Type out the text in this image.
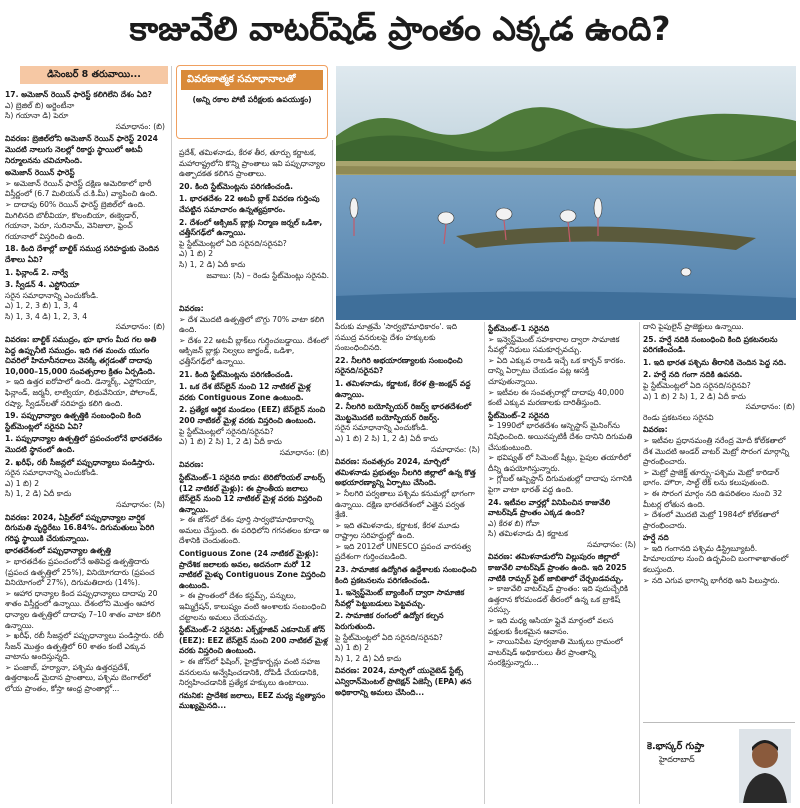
కాజువేలి వాటర్‌షెడ్ ప్రాంతం ఎక్కడ ఉంది?
డిసెంబర్ 8 తరువాయి...	వివరణాత్మక సమాధానాలతో
(అన్ని రకాల పోటీ పరీక్షలకు ఉపయుక్తం)

17. అమెజాన్ రెయిన్ ఫారెస్ట్ కలిగిలేని దేశం ఏది?

ఎ) బ్రెజిల్ బి) అర్జెంటీనా

సి) గయానా డి) పెరూ

సమాధానం: (బి)

వివరణ: బ్రెజిల్‌లోని అమెజాన్ రెయిన్ ఫారెస్ట్ 2024 మొదటి నాలుగు నెలల్లో రికార్డు స్థాయిలో అటవీ నిర్మూలనను చవిచూసింది.

అమెజాన్ రెయిన్ ఫారెస్ట్

➢ అమెజాన్ రెయిన్ ఫారెస్ట్ దక్షిణ అమెరికాలో భారీ విస్తీర్ణంలో (6.7 మిలియన్ చ.కి.మీ) వ్యాపించి ఉంది.

➢ దాదాపు 60% రెయిన్ ఫారెస్ట్ బ్రెజిల్‌లో ఉంది. మిగిలినది బొలీవియా, కొలంబియా, ఈక్వెడార్, గయానా, పెరూ, సురినామ్, వెనిజులా, ఫ్రెంచ్ గయానాలో విస్తరించి ఉంది.

18. కింది దేశాల్లో బాల్టిక్ సముద్ర సరిహద్దుకు చెందిన దేశాలు ఏవి?

1. ఫిన్లాండ్ 2. నార్వే

3. స్వీడన్ 4. ఎస్టోనియా

సరైన సమాధానాన్ని ఎంచుకోండి.

ఎ) 1, 2, 3 బి) 1, 3, 4

సి) 1, 3, 4 డి) 1, 2, 3, 4

సమాధానం: (బి)

వివరణ: బాల్టిక్ సముద్రం, భూ భాగం మీద గల అతి పెద్ద ఉప్పునీటి సముద్రం. ఇది గత మంచు యుగం చివరిలో హిమానీనదాలు వెనక్కి తగ్గడంతో దాదాపు 10,000–15,000 సంవత్సరాల క్రితం ఏర్పడింది.

➢ ఇది ఉత్తర ఐరోపాలో ఉంది. డెన్మార్క్, ఎస్టోనియా, ఫిన్లాండ్, జర్మనీ, లాట్వియా, లిథువేనియా, పోలాండ్, రష్యా, స్వీడన్‌లతో సరిహద్దు కలిగి ఉంది.

19. పప్పుధాన్యాల ఉత్పత్తికి సంబంధించి కింది స్టేట్‌మెంట్లలో సరైనవి ఏవి?

1. పప్పుధాన్యాల ఉత్పత్తిలో ప్రపంచంలోనే భారతదేశం మొదటి స్థానంలో ఉంది.

2. ఖరీఫ్, రబీ సీజన్లలో పప్పుధాన్యాలు పండిస్తారు.

సరైన సమాధానాన్ని ఎంచుకోండి.

ఎ) 1 బి) 2

సి) 1, 2 డి) ఏదీ కాదు

సమాధానం: (సి)

వివరణ: 2024, ఏప్రిల్‌లో పప్పుధాన్యాల వార్షిక దిగుమతి వృద్ధిరేటు 16.84%. దిగుమతులు పెరిగి గరిష్ఠ స్థాయికి చేరుకున్నాయి.

భారతదేశంలో పప్పుధాన్యాల ఉత్పత్తి

➢ భారతదేశం ప్రపంచంలోనే అతిపెద్ద ఉత్పత్తిదారు (ప్రపంచ ఉత్పత్తిలో 25%), వినియోగదారు (ప్రపంచ వినియోగంలో 27%), దిగుమతిదారు (14%).

➢ ఆహార ధాన్యాల కింద పప్పుధాన్యాలు దాదాపు 20 శాతం విస్తీర్ణంలో ఉన్నాయి. దేశంలోని మొత్తం ఆహార ధాన్యాల ఉత్పత్తిలో దాదాపు 7–10 శాతం వాటా కలిగి ఉన్నాయి.

➢ ఖరీఫ్, రబీ సీజన్లలో పప్పుధాన్యాలు పండిస్తారు. రబీ సీజన్ మొత్తం ఉత్పత్తిలో 60 శాతం కంటే ఎక్కువ వాటాను అందిస్తున్నది.

➢ పంజాబ్, హర్యానా, పశ్చిమ ఉత్తరప్రదేశ్, ఉత్తరాఖండ్ మైదాన ప్రాంతాలు, పశ్చిమ బెంగాల్‌లో లోయ ప్రాంతం, కోస్తా ఆంధ్ర ప్రాంతాల్లో...

ప్రదేశ్, తమిళనాడు, కేరళ తీర, తూర్పు కర్ణాటక, మహారాష్ట్రలోని కొన్ని ప్రాంతాలు ఇవి పప్పుధాన్యాల ఉత్పాదకత కలిగిన ప్రాంతాలు.

20. కింది స్టేట్‌మెంట్లను పరిగణించండి.

1. భారతదేశం 22 అటవీ బ్లాక్ వివరణ గుర్తింపు చేపట్టిన సమాచారం ఉన్నత్యప్రకారం.

2. దేశంలో ఆక్సిజన్ బ్లాక్లు నిర్మాణ జర్నల్ ఒడిశా, చత్తీస్‌గఢ్‌లో ఉన్నాయి.

పై స్టేట్‌మెంట్లలో ఏది సరైనది/సరైనవి?

ఎ) 1 బి) 2

సి) 1, 2 డి) ఏదీ కాదు

జవాబు: (సి) – రెండు స్టేట్‌మెంట్లు సరైనవి.

వివరణ:

➢ దేశ మొదటి ఉత్పత్తిలో బొగ్గు 70% వాటా కలిగి ఉంది.

➢ దేశం 22 అటవీ బ్లాక్‌లు గుర్తించబడ్డాయి. దేశంలో ఆక్సిజన్ బ్లాక్లు నిల్వలు జార్ఖండ్, ఒడిశా, ఛత్తీస్‌గఢ్‌లో ఉన్నాయి.

21. కింది స్టేట్‌మెంట్లను పరిగణించండి.

1. ఒక దేశ బేస్‌లైన్ నుంచి 12 నాటికల్ మైళ్ల వరకు Contiguous Zone ఉంటుంది.

2. ప్రత్యేక ఆర్థిక మండలం (EEZ) బేస్‌లైన్ నుంచి 200 నాటికల్ మైళ్ల వరకు విస్తరించి ఉంటుంది.

పై స్టేట్‌మెంట్లలో సరైనది/సరైనవి?

ఎ) 1 బి) 2 సి) 1, 2 డి) ఏదీ కాదు

సమాధానం: (బి)

వివరణ:

స్టేట్‌మెంట్–1 సరైనది కాదు: టెరిటోరియల్ వాటర్స్ (12 నాటికల్ మైళ్లు): ఈ ప్రాంతీయ జలాలు బేస్‌లైన్ నుంచి 12 నాటికల్ మైళ్ల వరకు విస్తరించి ఉన్నాయి.

➢ ఈ జోన్‌లో దేశం పూర్తి సార్వభౌమాధికారాన్ని అమలు చేస్తుంది. ఈ పరిధిలోని గగనతలం కూడా ఆ దేశానికి చెందుతుంది.

Contiguous Zone (24 నాటికల్ మైళ్లు): ప్రాదేశిక జలాలకు అవల, అదనంగా మరో 12 నాటికల్ మైళ్ళు Contiguous Zone విస్తరించి ఉంటుంది.

➢ ఈ ప్రాంతంలో దేశం కస్టమ్స్, పన్నులు, ఇమ్మిగ్రేషన్, కాలుష్యం వంటి అంశాలకు సంబంధించి చట్టాలను అమలు చేయవచ్చు.

స్టేట్‌మెంట్–2 సరైనది: ఎక్స్‌క్లూజివ్ ఎకనామిక్ జోన్ (EEZ): EEZ బేస్‌లైన్ నుంచి 200 నాటికల్ మైళ్ల వరకు విస్తరించి ఉంటుంది.

➢ ఈ జోన్‌లో ఫిషింగ్, హైడ్రోకార్బన్లు వంటి సహజ వనరులను అన్వేషించడానికి, దోపిడీ చేయడానికి, నిర్వహించడానికి ప్రత్యేక హక్కులు ఉంటాయి.

గమనిక: ప్రాదేశిక జలాలు, EEZ మధ్య వ్యత్యాసం ముఖ్యమైనది...

పేరుకు మాత్రమే 'సార్వభౌమాధికారం'. ఇది సముద్ర వనరులపై దేశం హక్కులకు సంబంధించినది.

22. నీలగిరి అభయారణ్యాలకు సంబంధించి సరైనది/సరైనవి?

1. తమిళనాడు, కర్ణాటక, కేరళ త్రి–జంక్షన్ వద్ద ఉన్నాయి.

2. నీలగిరి బయోస్ఫియర్ రిజర్వ్ భారతదేశంలో మొట్టమొదటి బయోస్ఫియర్ రిజర్వ్.

సరైన సమాధానాన్ని ఎంచుకోండి.

ఎ) 1 బి) 2 సి) 1, 2 డి) ఏదీ కాదు

సమాధానం: (సి)

వివరణ: సంవత్సరం 2024, మార్చిలో తమిళనాడు ప్రభుత్వం నీలగిరి జిల్లాలో ఉన్న కొత్త అభయారణ్యాన్ని ఏర్పాటు చేసింది.

➢ నీలగిరి పర్వతాలు పశ్చిమ కనుమల్లో భాగంగా ఉన్నాయి. దక్షిణ భారతదేశంలో ఎత్తైన పర్వత శ్రేణి.

➢ ఇది తమిళనాడు, కర్ణాటక, కేరళ మూడు రాష్ట్రాల సరిహద్దుల్లో ఉంది.

➢ ఇది 2012లో UNESCO ప్రపంచ వారసత్వ ప్రదేశంగా గుర్తించబడింది.

23. సామాజిక ఉద్యోగిత ఉద్దేశాలకు సంబంధించి కింది ప్రకటనలను పరిగణించండి.

1. ఇన్వెస్ట్‌మెంట్ బ్యాంకింగ్ ద్వారా సామాజిక సేవల్లో పెట్టుబడులు పెట్టవచ్చు.

2. సామాజిక రంగంలో ఉద్యోగ కల్పన పెరుగుతుంది.

పై స్టేట్‌మెంట్లలో ఏది సరైనది/సరైనవి?

ఎ) 1 బి) 2

సి) 1, 2 డి) ఏదీ కాదు

వివరణ: 2024, మార్చిలో యునైటెడ్ స్టేట్స్ ఎన్విరాన్‌మెంటల్ ప్రొటెక్షన్ ఏజెన్సీ (EPA) తన అధికారాన్ని అమలు చేసింది...

స్టేట్‌మెంట్–1 సరైనది

➢ ఇన్వెస్ట్‌మెంట్ సహకారాల ద్వారా సామాజిక సేవల్లో నిధులు సమకూర్చవచ్చు.

➢ ఏది ఎక్కువ రాబడి ఇచ్చే ఒక కార్బన్ కారకం. దాన్ని ఏర్పాటు చేయడం పట్ల ఆసక్తి చూపుతున్నాయి.

➢ ఇటీవల ఈ సంవత్సరాల్లో దాదాపు 40,000 కంటే ఎక్కువ మరణాలకు దారితీస్తుంది.

స్టేట్‌మెంట్–2 సరైనది

➢ 1990లో భారతదేశం ఆస్బెస్టాస్ మైనింగ్‌ను నిషేధించింది. అయినప్పటికీ దేశం దానిని దిగుమతి చేసుకుంటుంది.

➢ భవిష్యత్ లో సిమెంట్ షీట్లు, పైపుల తయారీలో దీన్ని ఉపయోగిస్తున్నారు.

➢ గ్లోబల్ ఆస్బెస్టాస్ దిగుమతుల్లో దాదాపు సగానికి పైగా వాటా భారత్ వద్ద ఉంది.

24. ఇటీవల వార్తల్లో వినిపించిన కాజువేలి వాటర్‌షెడ్ ప్రాంతం ఎక్కడ ఉంది?

ఎ) కేరళ బి) గోవా

సి) తమిళనాడు డి) కర్ణాటక

సమాధానం: (సి)

వివరణ: తమిళనాడులోని విల్లుపురం జిల్లాలో కాజువేలి వాటర్‌షెడ్ ప్రాంతం ఉంది. ఇది 2025 నాటికి రామ్సర్ సైట్ జాబితాలో చేర్చబడవచ్చు.

➢ కాజువేలి వాటర్‌షెడ్ ప్రాంతం: ఇది పుదుచ్చేరికి ఉత్తరాన కోరమండల్ తీరంలో ఉన్న ఒక బ్రాకిష్ సరస్సు.

➢ ఇది మధ్య ఆసియా ఫ్లైవే మార్గంలో వలస పక్షులకు కీలకమైన ఆవాసం.

➢ నాయినిపేట పూర్వజాతి మొక్కలు గ్రామంలో వాటర్‌షెడ్ అధికారులు తీర ప్రాంతాన్ని సంరక్షిస్తున్నారు...

దాని పైపులైన్ ప్రాజెక్టులు ఉన్నాయి.

25. హర్షే నదికి సంబంధించి కింది ప్రకటనలను పరిగణించండి.

1. ఇది భారత పశ్చిమ తీరానికి చెందిన పెద్ద నది.

2. హర్షే నది గంగా నదికి ఉపనది.

పై స్టేట్‌మెంట్లలో ఏది సరైనది/సరైనవి?

ఎ) 1 బి) 2 సి) 1, 2 డి) ఏదీ కాదు

సమాధానం: (బి)

రెండు ప్రకటనలు సరైనవి

వివరణ:

➢ ఇటీవల ప్రధానమంత్రి నరేంద్ర మోదీ కోల్‌కతాలో దేశ మొదటి అండర్ వాటర్ మెట్రో సొరంగ మార్గాన్ని ప్రారంభించారు.

➢ మెట్రో ప్రాజెక్ట్ తూర్పు–పశ్చిమ మెట్రో కారిడార్ భాగం. హౌరా, సాల్ట్ లేక్ లను కలుపుతుంది.

➢ ఈ సొరంగ మార్గం నది ఉపరితలం నుంచి 32 మీటర్ల లోతున ఉంది.

➢ దేశంలో మొదటి మెట్రో 1984లో కోల్‌కతాలో ప్రారంభించారు.

హర్షే నది

➢ ఇది గంగానది పశ్చిమ డిస్ట్రిబ్యూటరీ. హిమాలయాల నుంచి ఉద్భవించి బంగాళాఖాతంలో కలుస్తుంది.

➢ నది ఎగువ భాగాన్ని భాగీరథి అని పిలుస్తారు.

కె.భాస్కర్ గుప్తా
హైదరాబాద్
